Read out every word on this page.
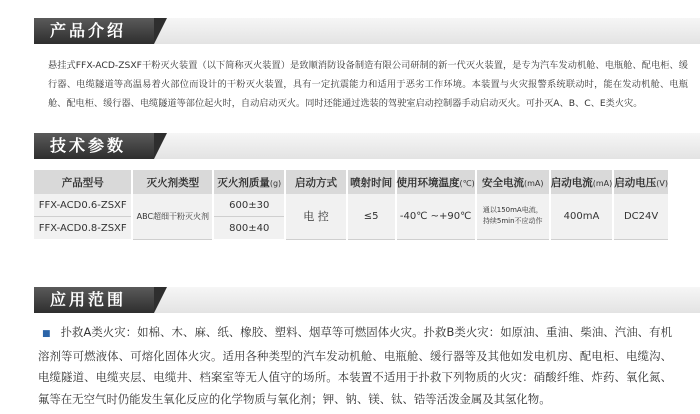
产品介绍
悬挂式FFX-ACD-ZSXF干粉灭火装置（以下简称灭火装置）是致顺消防设备制造有限公司研制的新一代灭火装置，是专为汽车发动机舱、电瓶舱、配电柜、缓行器、电缆隧道等高温易着火部位而设计的干粉灭火装置，具有一定抗震能力和适用于恶劣工作环境。本装置与火灾报警系统联动时，能在发动机舱、电瓶舱、配电柜、缓行器、电缆隧道等部位起火时，自动启动灭火。同时还能通过选装的驾驶室启动控制器手动启动灭火。可扑灭A、B、C、E类火灾。
技术参数
产品型号	灭火剂类型	灭火剂质量(g)	启动方式	喷射时间	使用环境温度(℃)	安全电流(mA)	启动电流(mA)	启动电压(V)
FFX-ACD0.6-ZSXF	ABC超细干粉灭火剂	600±30	电 控	≤5	-40℃ ~+90℃	通以150mA电流，
持续5min不应动作	400mA	DC24V
FFX-ACD0.8-ZSXF		800±40						
应用范围
■ 扑救A类火灾：如棉、木、麻、纸、橡胶、塑料、烟草等可燃固体火灾。扑救B类火灾：如原油、重油、柴油、汽油、有机溶剂等可燃液体、可熔化固体火灾。适用各种类型的汽车发动机舱、电瓶舱、缓行器等及其他如发电机房、配电柜、电缆沟、电缆隧道、电缆夹层、电缆井、档案室等无人值守的场所。本装置不适用于扑救下列物质的火灾：硝酸纤维、炸药、氧化氮、氟等在无空气时仍能发生氧化反应的化学物质与氧化剂；钾、钠、镁、钛、锆等活泼金属及其氢化物。
